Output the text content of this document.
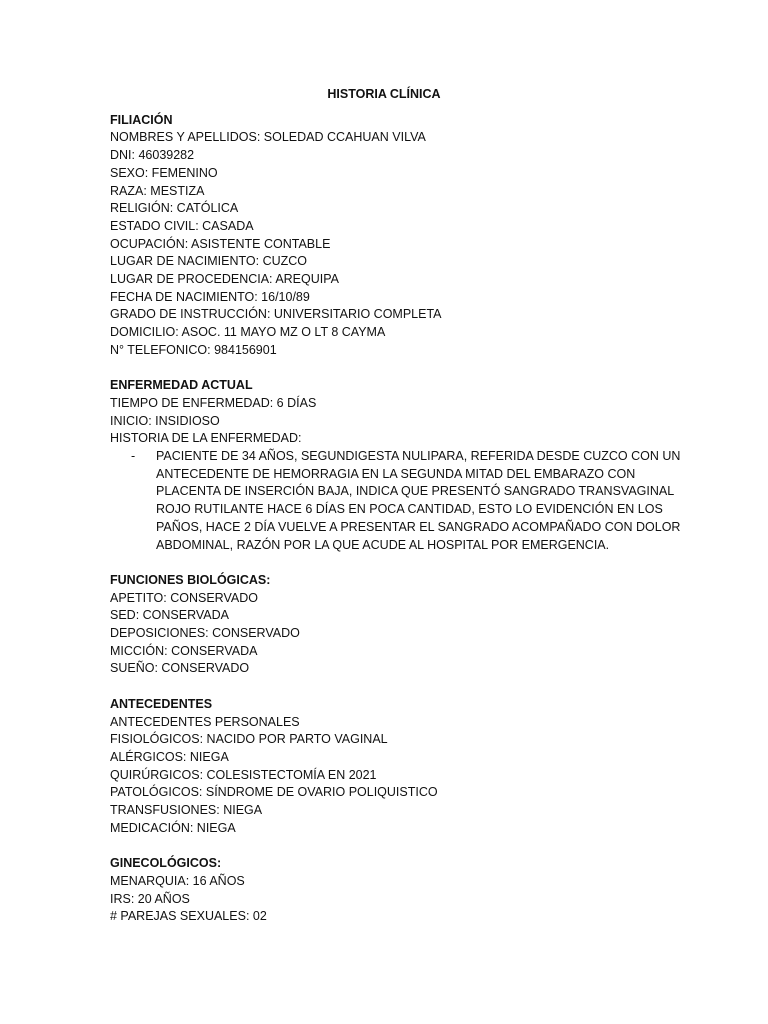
HISTORIA CLÍNICA

FILIACIÓN

NOMBRES Y APELLIDOS: SOLEDAD CCAHUAN VILVA

DNI: 46039282

SEXO: FEMENINO

RAZA: MESTIZA

RELIGIÓN: CATÓLICA

ESTADO CIVIL: CASADA

OCUPACIÓN: ASISTENTE CONTABLE

LUGAR DE NACIMIENTO: CUZCO

LUGAR DE PROCEDENCIA: AREQUIPA

FECHA DE NACIMIENTO: 16/10/89

GRADO DE INSTRUCCIÓN: UNIVERSITARIO COMPLETA

DOMICILIO: ASOC. 11 MAYO MZ O LT 8 CAYMA

N° TELEFONICO: 984156901

ENFERMEDAD ACTUAL

TIEMPO DE ENFERMEDAD: 6 DÍAS

INICIO: INSIDIOSO

HISTORIA DE LA ENFERMEDAD:

- PACIENTE DE 34 AÑOS, SEGUNDIGESTA NULIPARA, REFERIDA DESDE CUZCO CON UN

ANTECEDENTE DE HEMORRAGIA EN LA SEGUNDA MITAD DEL EMBARAZO CON

PLACENTA DE INSERCIÓN BAJA, INDICA QUE PRESENTÓ SANGRADO TRANSVAGINAL

ROJO RUTILANTE HACE 6 DÍAS EN POCA CANTIDAD, ESTO LO EVIDENCIÓN EN LOS

PAÑOS, HACE 2 DÍA VUELVE A PRESENTAR EL SANGRADO ACOMPAÑADO CON DOLOR

ABDOMINAL, RAZÓN POR LA QUE ACUDE AL HOSPITAL POR EMERGENCIA.

FUNCIONES BIOLÓGICAS:

APETITO: CONSERVADO

SED: CONSERVADA

DEPOSICIONES: CONSERVADO

MICCIÓN: CONSERVADA

SUEÑO: CONSERVADO

ANTECEDENTES

ANTECEDENTES PERSONALES

FISIOLÓGICOS: NACIDO POR PARTO VAGINAL

ALÉRGICOS: NIEGA

QUIRÚRGICOS: COLESISTECTOMÍA EN 2021

PATOLÓGICOS: SÍNDROME DE OVARIO POLIQUISTICO

TRANSFUSIONES: NIEGA

MEDICACIÓN: NIEGA

GINECOLÓGICOS:

MENARQUIA: 16 AÑOS

IRS: 20 AÑOS

# PAREJAS SEXUALES: 02
